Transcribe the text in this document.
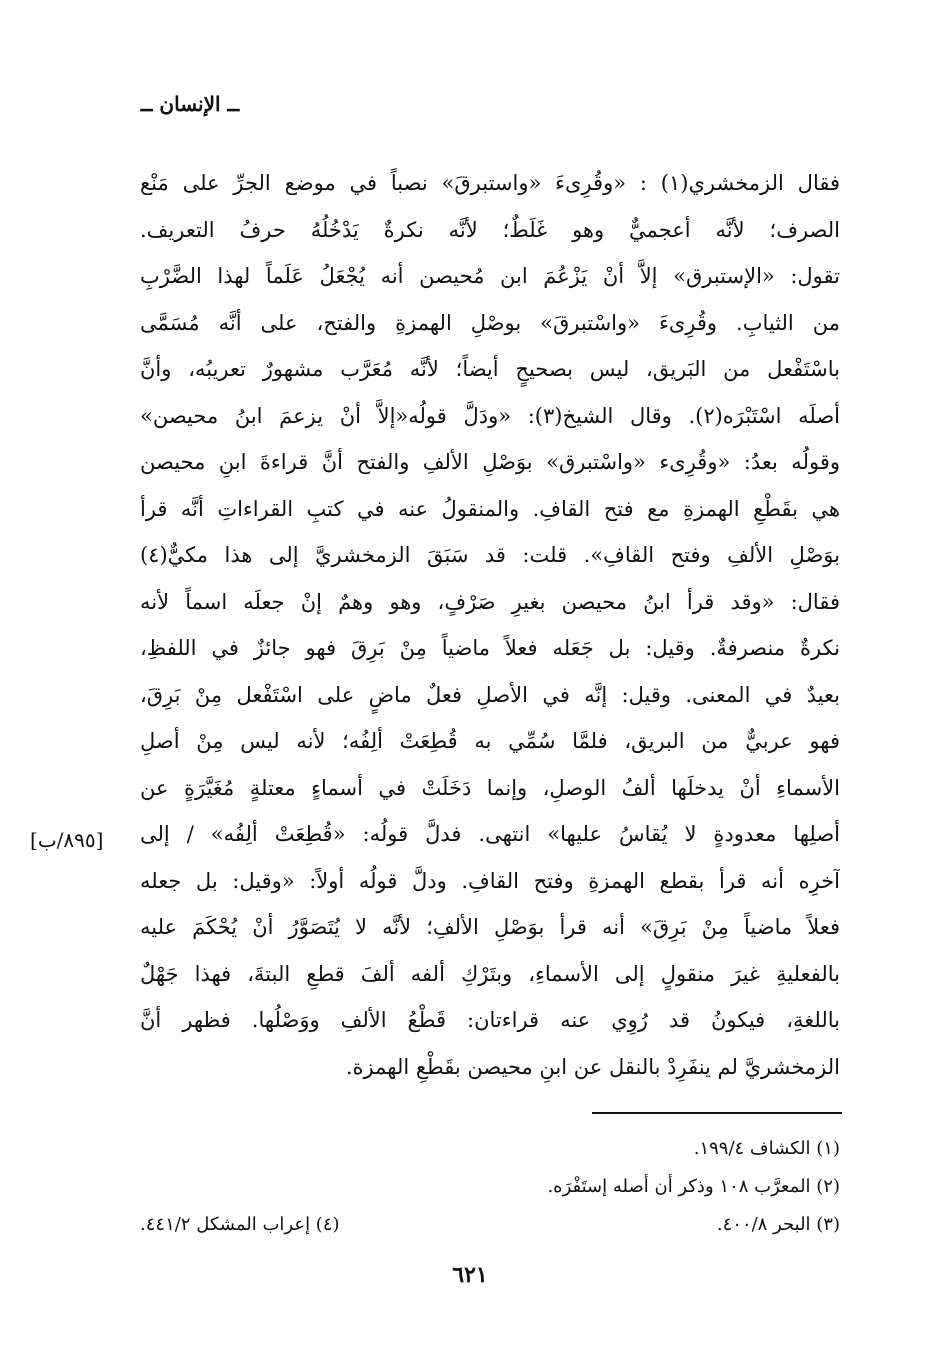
ــ الإنسان ــ
فقال الزمخشري(١) : «وقُرِىءَ «واستبرقَ» نصباً في موضع الجرِّ على مَنْع
الصرف؛ لأنَّه أعجميٌّ وهو غَلَطٌ؛ لأنَّه نكرةٌ يَدْخُلُهُ حرفُ التعريف.
تقول: «الإستبرق» إلاَّ أنْ يَزْعُمَ ابن مُحيصن أنه يُجْعَلُ عَلَماً لهذا الضَّرْبِ
من الثيابِ. وقُرِىءَ «واسْتبرقَ» بوصْلِ الهمزةِ والفتح، على أنَّه مُسَمَّى
باسْتَفْعل من البَريق، ليس بصحيحٍ أيضاً؛ لأنَّه مُعَرَّب مشهورٌ تعريبُه، وأنَّ
أصلَه اسْتَبْرَه(٢). وقال الشيخ(٣): «ودَلَّ قولُه«إلاَّ أنْ يزعمَ ابنُ محيصن»
وقولُه بعدُ: «وقُرِىء «واسْتبرق» بوَصْلِ الألفِ والفتح أنَّ قراءةَ ابنِ محيصن
هي بقَطْعِ الهمزةِ مع فتح القافِ. والمنقولُ عنه في كتبِ القراءاتِ أنَّه قرأ
بوَصْلِ الألفِ وفتح القافِ». قلت: قد سَبَقَ الزمخشريَّ إلى هذا مكيٌّ(٤)
فقال: «وقد قرأ ابنُ محيصن بغيرِ صَرْفٍ، وهو وهمٌ إنْ جعلَه اسماً لأنه
نكرةٌ منصرفةٌ. وقيل: بل جَعَله فعلاً ماضياً مِنْ بَرِقَ فهو جائزٌ في اللفظِ،
بعيدٌ في المعنى. وقيل: إنَّه في الأصلِ فعلٌ ماضٍ على اسْتَفْعل مِنْ بَرِقَ،
فهو عربيٌّ من البريق، فلمَّا سُمِّي به قُطِعَتْ ألِفُه؛ لأنه ليس مِنْ أصلِ
الأسماءِ أنْ يدخلَها ألفُ الوصلِ، وإنما دَخَلَتْ في أسماءٍ معتلةٍ مُغَيَّرَةٍ عن
أصلِها معدودةٍ لا يُقاسُ عليها» انتهى. فدلَّ قولُه: «قُطِعَتْ ألِفُه» / إلى
آخرِه أنه قرأ بقطع الهمزةِ وفتح القافِ. ودلَّ قولُه أولاً: «وقيل: بل جعله
فعلاً ماضياً مِنْ بَرِقَ» أنه قرأ بوَصْلِ الألفِ؛ لأنَّه لا يُتَصَوَّرُ أنْ يُحْكَمَ عليه
بالفعليةِ غيرَ منقولٍ إلى الأسماءِ، وبتَرْكِ ألفه ألفَ قطعِ البتةَ، فهذا جَهْلٌ
باللغةِ، فيكونُ قد رُوِي عنه قراءتان: قَطْعُ الألفِ ووَصْلُها. فظهر أنَّ
الزمخشريَّ لم ينفَرِدْ بالنقل عن ابنِ محيصن بقَطْعِ الهمزة.
[٨٩٥/ب]
(١) الكشاف ١٩٩/٤.
(٢) المعرَّب ١٠٨ وذكر أن أصله إستَفْرَه.
(٣) البحر ٤٠٠/٨.
(٤) إعراب المشكل ٤٤١/٢.
٦٢١
